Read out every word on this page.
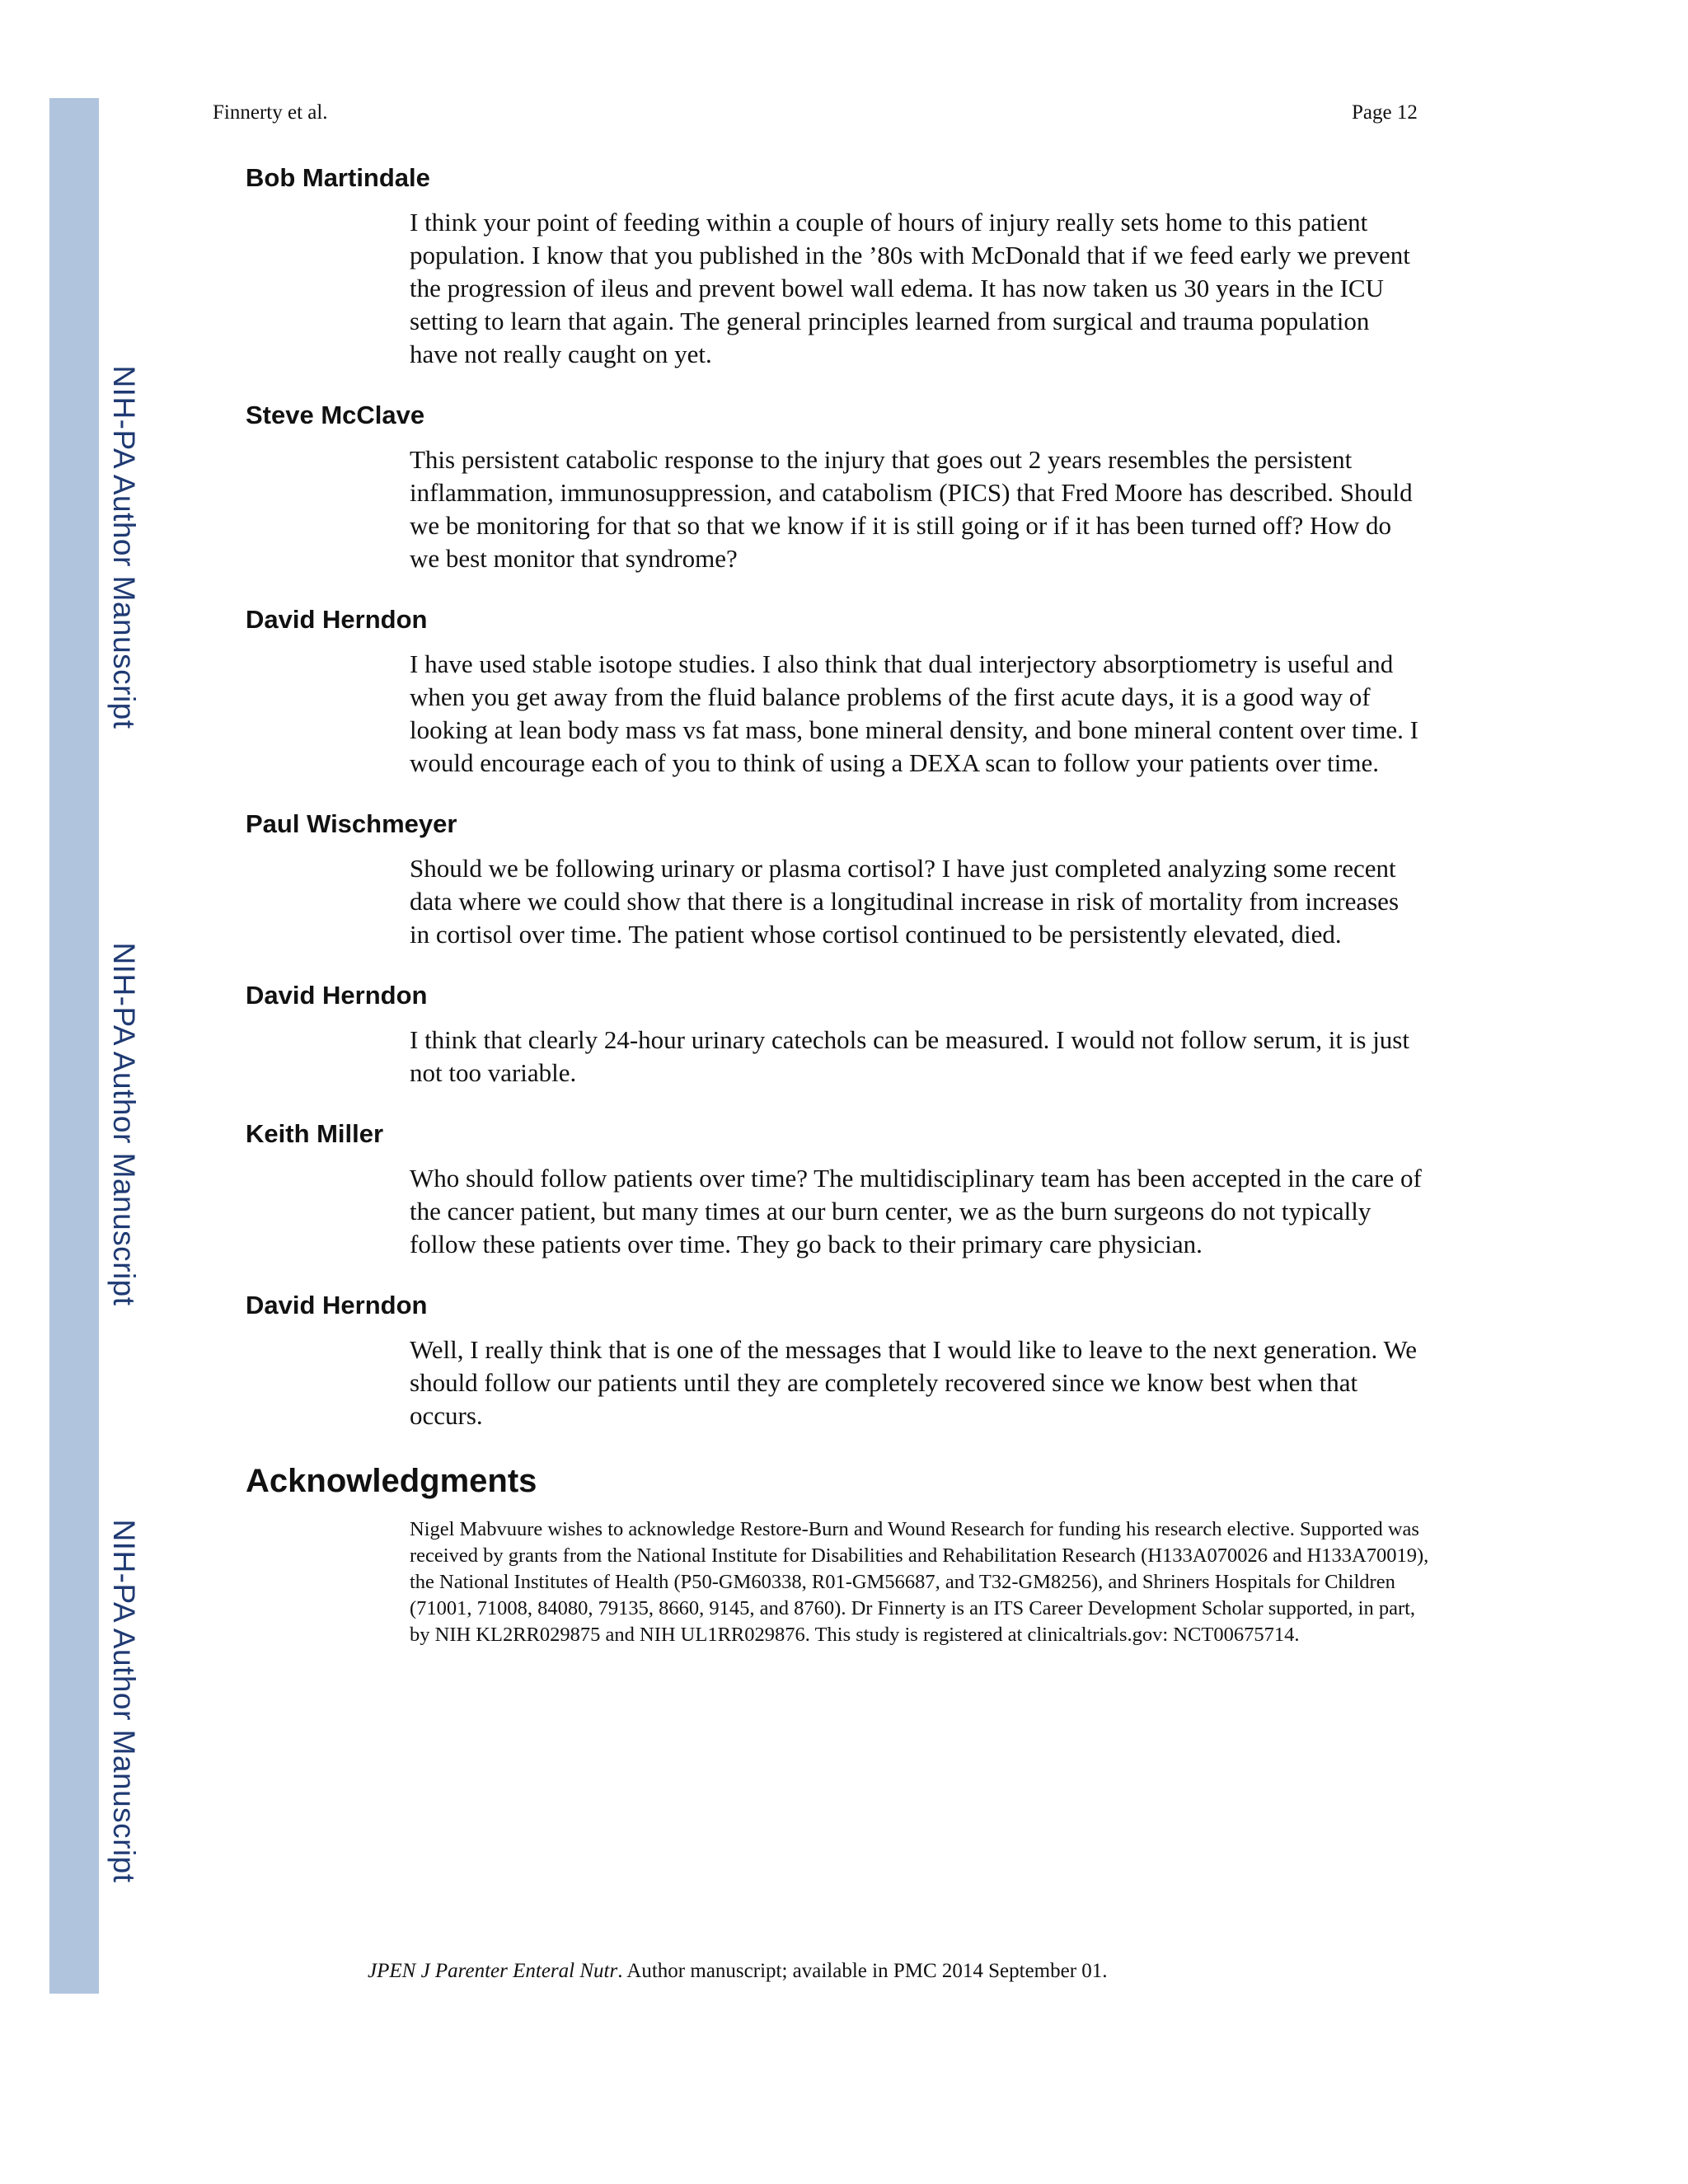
NIH-PA Author Manuscript
NIH-PA Author Manuscript
NIH-PA Author Manuscript
Finnerty et al.	Page 12
Bob Martindale

I think your point of feeding within a couple of hours of injury really sets home to this patient population. I know that you published in the ’80s with McDonald that if we feed early we prevent the progression of ileus and prevent bowel wall edema. It has now taken us 30 years in the ICU setting to learn that again. The general principles learned from surgical and trauma population have not really caught on yet.

Steve McClave

This persistent catabolic response to the injury that goes out 2 years resembles the persistent inflammation, immunosuppression, and catabolism (PICS) that Fred Moore has described. Should we be monitoring for that so that we know if it is still going or if it has been turned off? How do we best monitor that syndrome?

David Herndon

I have used stable isotope studies. I also think that dual interjectory absorptiometry is useful and when you get away from the fluid balance problems of the first acute days, it is a good way of looking at lean body mass vs fat mass, bone mineral density, and bone mineral content over time. I would encourage each of you to think of using a DEXA scan to follow your patients over time.

Paul Wischmeyer

Should we be following urinary or plasma cortisol? I have just completed analyzing some recent data where we could show that there is a longitudinal increase in risk of mortality from increases in cortisol over time. The patient whose cortisol continued to be persistently elevated, died.

David Herndon

I think that clearly 24-hour urinary catechols can be measured. I would not follow serum, it is just not too variable.

Keith Miller

Who should follow patients over time? The multidisciplinary team has been accepted in the care of the cancer patient, but many times at our burn center, we as the burn surgeons do not typically follow these patients over time. They go back to their primary care physician.

David Herndon

Well, I really think that is one of the messages that I would like to leave to the next generation. We should follow our patients until they are completely recovered since we know best when that occurs.

Acknowledgments

Nigel Mabvuure wishes to acknowledge Restore-Burn and Wound Research for funding his research elective. Supported was received by grants from the National Institute for Disabilities and Rehabilitation Research (H133A070026 and H133A70019), the National Institutes of Health (P50-GM60338, R01-GM56687, and T32-GM8256), and Shriners Hospitals for Children (71001, 71008, 84080, 79135, 8660, 9145, and 8760). Dr Finnerty is an ITS Career Development Scholar supported, in part, by NIH KL2RR029875 and NIH UL1RR029876. This study is registered at clinicaltrials.gov: NCT00675714.

JPEN J Parenter Enteral Nutr. Author manuscript; available in PMC 2014 September 01.
